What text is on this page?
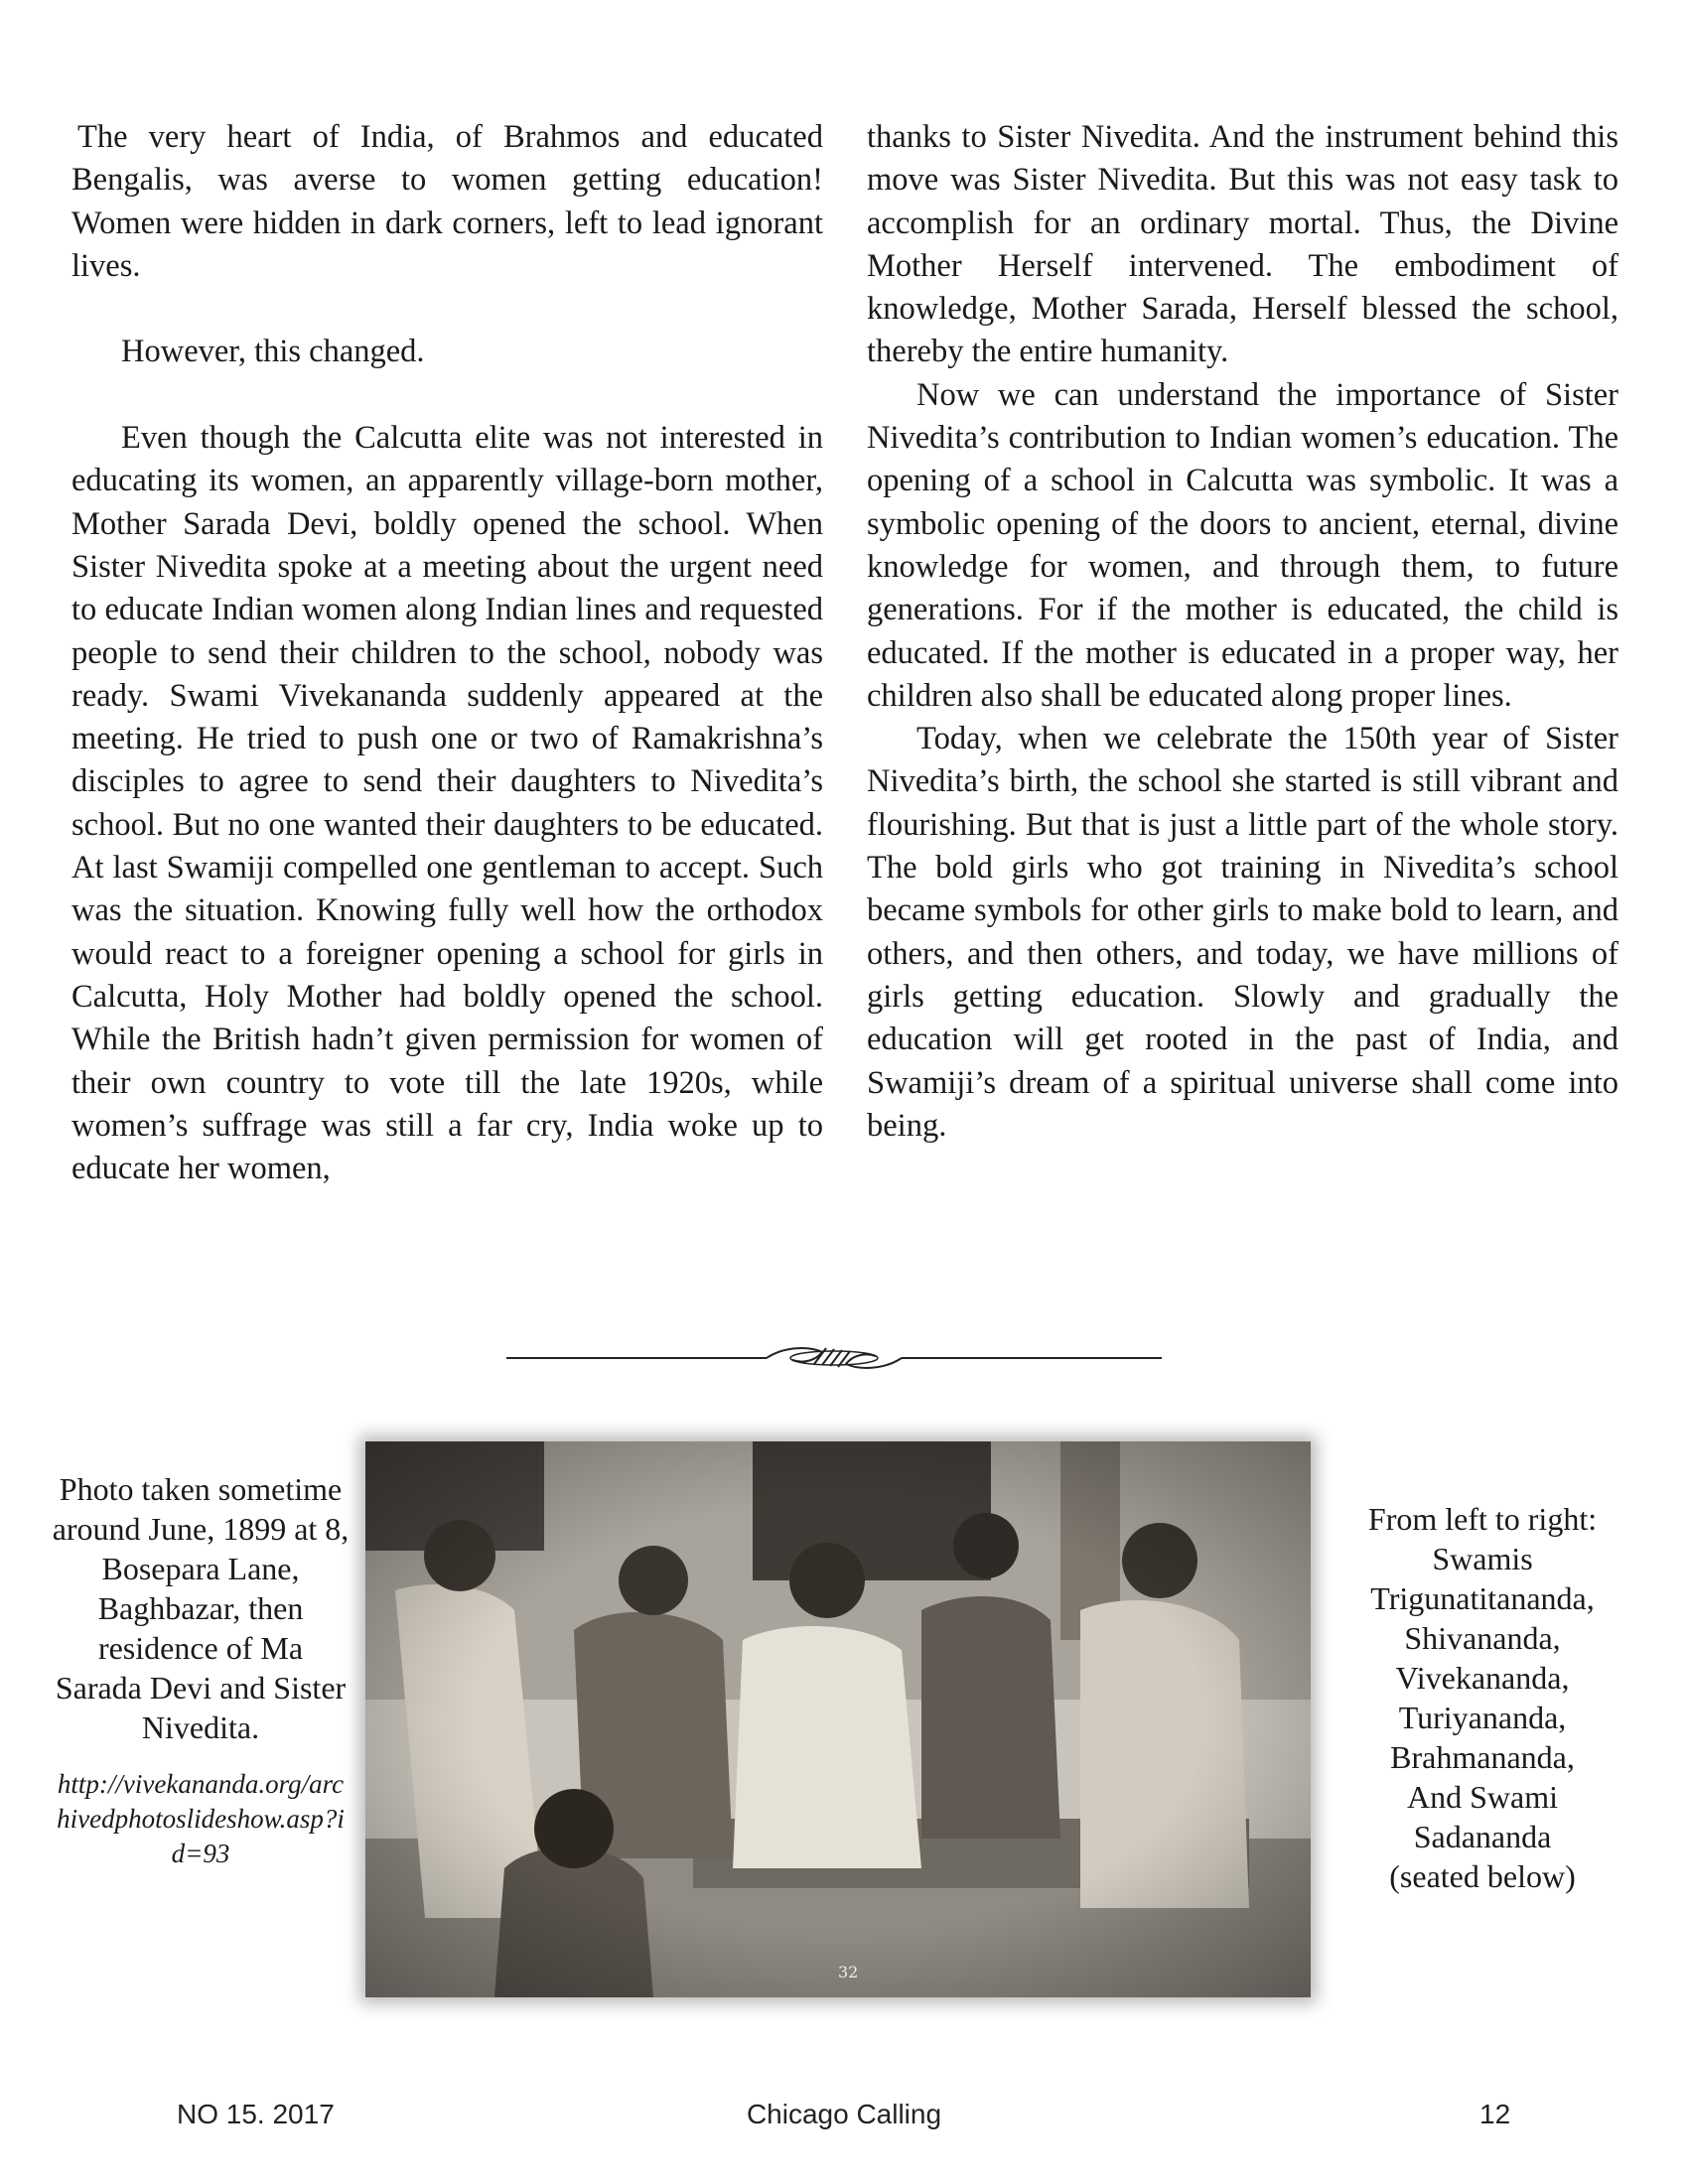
The very heart of India, of Brahmos and educated Bengalis, was averse to women getting education! Women were hidden in dark corners, left to lead ignorant lives.

However, this changed.

Even though the Calcutta elite was not interested in educating its women, an apparently village-born mother, Mother Sarada Devi, boldly opened the school. When Sister Nivedita spoke at a meeting about the urgent need to educate Indian women along Indian lines and requested people to send their children to the school, nobody was ready. Swami Vivekananda suddenly appeared at the meeting. He tried to push one or two of Ramakrishna’s disciples to agree to send their daughters to Nivedita’s school. But no one wanted their daughters to be educated. At last Swamiji compelled one gentleman to accept. Such was the situation. Knowing fully well how the orthodox would react to a foreigner opening a school for girls in Calcutta, Holy Mother had boldly opened the school. While the British hadn’t given permission for women of their own country to vote till the late 1920s, while women’s suffrage was still a far cry, India woke up to educate her women,

thanks to Sister Nivedita. And the instrument behind this move was Sister Nivedita. But this was not easy task to accomplish for an ordinary mortal. Thus, the Divine Mother Herself intervened. The embodiment of knowledge, Mother Sarada, Herself blessed the school, thereby the entire humanity.

Now we can understand the importance of Sister Nivedita’s contribution to Indian women’s education. The opening of a school in Calcutta was symbolic. It was a symbolic opening of the doors to ancient, eternal, divine knowledge for women, and through them, to future generations. For if the mother is educated, the child is educated. If the mother is educated in a proper way, her children also shall be educated along proper lines.

Today, when we celebrate the 150th year of Sister Nivedita’s birth, the school she started is still vibrant and flourishing. But that is just a little part of the whole story. The bold girls who got training in Nivedita’s school became symbols for other girls to make bold to learn, and others, and then others, and today, we have millions of girls getting education. Slowly and gradually the education will get rooted in the past of India, and Swamiji’s dream of a spiritual universe shall come into being.

Photo taken sometime around June, 1899 at 8, Bosepara Lane, Baghbazar, then residence of Ma Sarada Devi and Sister Nivedita.
http://vivekananda.org/archivedphotoslideshow.asp?id=93
32
From left to right:
Swamis
Trigunatitananda,
Shivananda,
Vivekananda,
Turiyananda,
Brahmananda,
And Swami
Sadananda
(seated below)
NO 15. 2017	Chicago Calling	12
